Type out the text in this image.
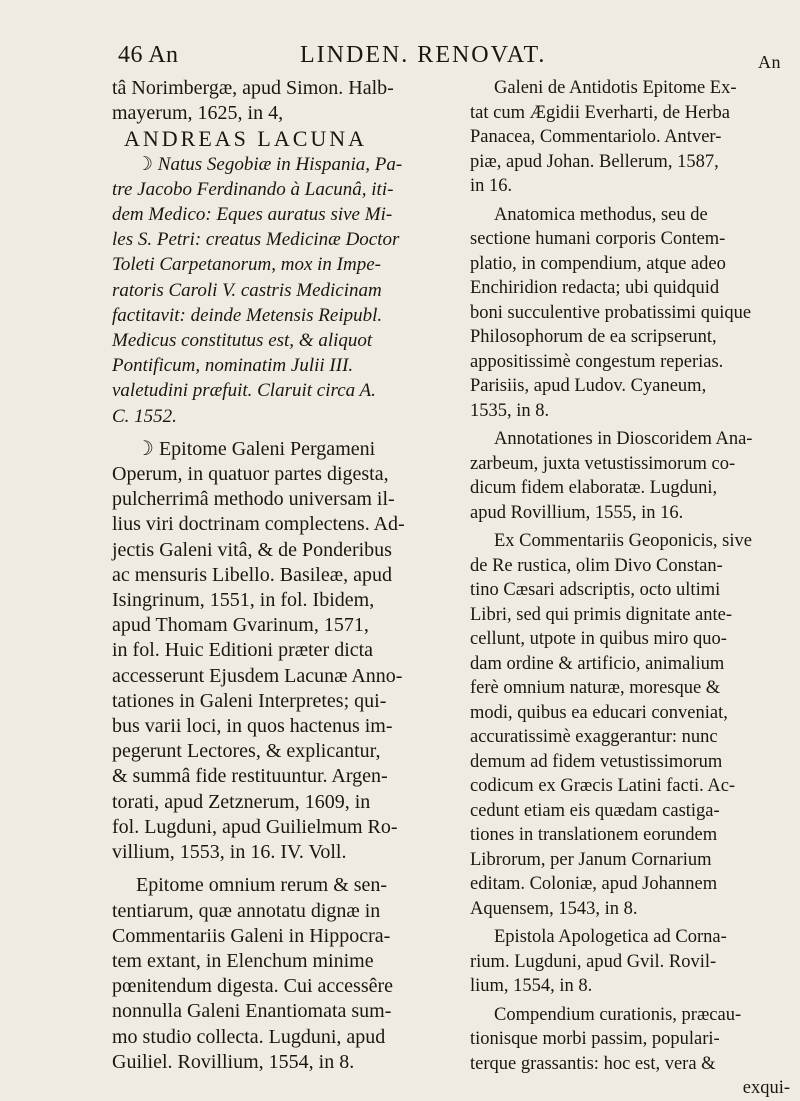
46 An	LINDEN. RENOVAT.	An
tâ Norimbergæ, apud Simon. Halb-
mayerum, 1625, in 4,
ANDREAS LACUNA
☽ Natus Segobiæ in Hispania, Pa-
tre Jacobo Ferdinando à Lacunâ, iti-
dem Medico: Eques auratus sive Mi-
les S. Petri: creatus Medicinæ Doctor
Toleti Carpetanorum, mox in Impe-
ratoris Caroli V. castris Medicinam
factitavit: deinde Metensis Reipubl.
Medicus constitutus est, & aliquot
Pontificum, nominatim Julii III.
valetudini præfuit. Claruit circa A.
C. 1552.
☽ Epitome Galeni Pergameni
Operum, in quatuor partes digesta,
pulcherrimâ methodo universam il-
lius viri doctrinam complectens. Ad-
jectis Galeni vitâ, & de Ponderibus
ac mensuris Libello. Basileæ, apud
Isingrinum, 1551, in fol. Ibidem,
apud Thomam Gvarinum, 1571,
in fol. Huic Editioni præter dicta
accesserunt Ejusdem Lacunæ Anno-
tationes in Galeni Interpretes; qui-
bus varii loci, in quos hactenus im-
pegerunt Lectores, & explicantur,
& summâ fide restituuntur. Argen-
torati, apud Zetznerum, 1609, in
fol. Lugduni, apud Guilielmum Ro-
villium, 1553, in 16. IV. Voll.
Epitome omnium rerum & sen-
tentiarum, quæ annotatu dignæ in
Commentariis Galeni in Hippocra-
tem extant, in Elenchum minime
pœnitendum digesta. Cui accessêre
nonnulla Galeni Enantiomata sum-
mo studio collecta. Lugduni, apud
Guiliel. Rovillium, 1554, in 8.
Galeni de Antidotis Epitome Ex-
tat cum Ægidii Everharti, de Herba
Panacea, Commentariolo. Antver-
piæ, apud Johan. Bellerum, 1587,
in 16.
Anatomica methodus, seu de
sectione humani corporis Contem-
platio, in compendium, atque adeo
Enchiridion redacta; ubi quidquid
boni succulentive probatissimi quique
Philosophorum de ea scripserunt,
appositissimè congestum reperias.
Parisiis, apud Ludov. Cyaneum,
1535, in 8.
Annotationes in Dioscoridem Ana-
zarbeum, juxta vetustissimorum co-
dicum fidem elaboratæ. Lugduni,
apud Rovillium, 1555, in 16.
Ex Commentariis Geoponicis, sive
de Re rustica, olim Divo Constan-
tino Cæsari adscriptis, octo ultimi
Libri, sed qui primis dignitate ante-
cellunt, utpote in quibus miro quo-
dam ordine & artificio, animalium
ferè omnium naturæ, moresque &
modi, quibus ea educari conveniat,
accuratissimè exaggerantur: nunc
demum ad fidem vetustissimorum
codicum ex Græcis Latini facti. Ac-
cedunt etiam eis quædam castiga-
tiones in translationem eorundem
Librorum, per Janum Cornarium
editam. Coloniæ, apud Johannem
Aquensem, 1543, in 8.
Epistola Apologetica ad Corna-
rium. Lugduni, apud Gvil. Rovil-
lium, 1554, in 8.
Compendium curationis, præcau-
tionisque morbi passim, populari-
terque grassantis: hoc est, vera &
exqui-
